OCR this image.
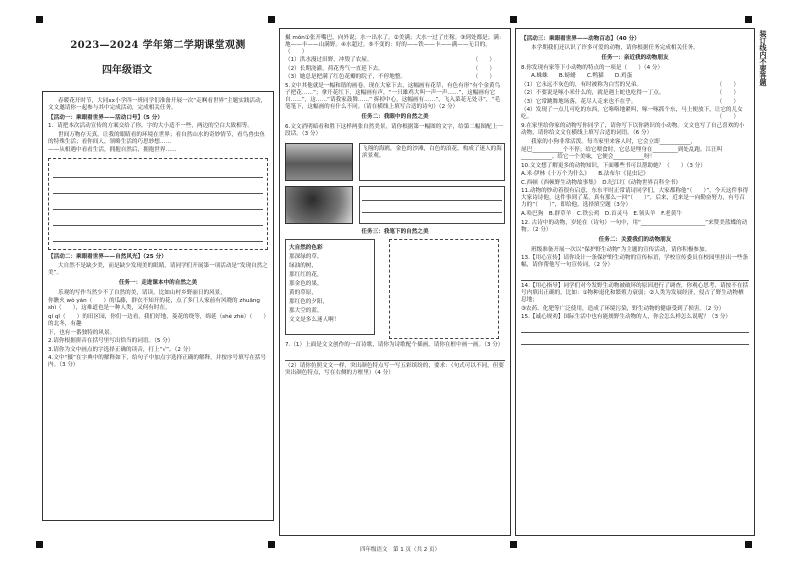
2023—2024 学年第二学期课堂观测
四年级语文

春暖花开时节，大同xx小学四一班同学们准备开展一次“走啊看世界”主题实践活动，文文邀请你一起参与其中完成活动，完成相关任务。

【活动一：乘眼看世界——活动口号】（5 分）

1．请把本次活动宣传的方案交给了你，字的大小适不一些，两边的空白大致相等。

世间万物存天真，让我的眼睛看的环境在世界；看自然山水的奇妙情节，看鸟兽虫鱼的特殊生活；看你间人，领略生活的巧思妙想……

——从相遇中看看生活，拥抱自然后，拥抱世界……

【活动二：乘眼看世界——自然风光】（25 分）

大自然不是缺少美，而是缺少发现美的眼睛，请同学们开展第一项活动是“发现自然之美”。

任务一：走进课本中的自然之美

乐观的写作当然少不了自然的美，请读，比如山村乡野丽日的风景，

你瞧火 wò yán（　　）的瓜藤，群衣不知开的花，点了多门人家前有风晓的 zhuāng shì（　　），这难道也是一种人类，又何有时在。

qí qǐ（　　）的田区园，你们一边看，我们好地，菱花的绕等，绵延（shè zhè）（　　）的北冬，有趣

下，也有一番独特的风景。

2.请你根据拼音在括号里写出恰当的词语。（5 分）

3.请你为文中画点的字选择正确的读音，打上“√”。（2 分）

4.文中“摄”在字典中的解释如下，给句子中加点字选择正确的解释，并按序号填写在括号内。（3 分）

摄 mǒn①张开嘴巴，向外说；水一出水了。②美满；大水一过了庄稼。③到处都是；满：地——丰——山满野。④水超过。⑤不变的：好的——铁——卡——满——无目的。（　　）

（1）洪水漫过田野，冲毁了农屋。	（　　）

（2）长期浇灌，荷花秀气一直延下去。	（　　）

（3）她总是把满了红色花瓣的院子，不停地整。	（　　）

5.文中其他就是一幅和谐的画卷。现在大家下去，这幅画有花草，有色有形“有个金黄鸟子把花……”；拿开花红下，这幅画有声，“一只雄鸡大叫一声一声……”，这幅画有它自……”，这……“请我家鼓舞……” 拆掉中心，这幅画有……”，飞入菜花无处寻”，“毛笔笔下，这幅画的有什么不同。（请在横线上填写合适的诗句）（2 分）

任务二：我眼中的自然之美

6.文文消明暗看和胜下这样两张自然美景，请你根据第一幅图的文字，给第二幅图配上一段话。（3 分）

飞翔的海鸥，金色的沙滩，白色的浪花，构成了迷人的海滨景观。

任务三：我笔下的自然之美

大自然的色彩

那深绿的草，

绿油的树，

那红红的花，

那金色的果，

黄的草原，

那红色的夕阳，

那大空的蓝，

文文是多么迷人啊！

7.（1）上面是文文创作的一首诗歌，请你为诗歌配个插画，请你在框中画一画。（3 分）

（2）请你仿照文文一样，突出颜色特点写一写五彩缤纷的，要求：（句式可以不同，但要突出颜色特点，写在右侧的方框里）（4 分）

【活动三：乘眼看世界——动物百态】（40 分）

本学期我们还认识了许多可爱的动物，请你根据任务完成相关任务。

任务一：亲近我的动物朋友

8.你发现有家等下小动物的特点的一项是（　　）（4 分）

A.蛛蛛　　B.螃蜡　　C.鸭猫　　D.鸡蛋

（1）它永远不灰色的，有时被称为白雪的兄弟。	（　　）

（2）不要说是啄小米什么的，就是遇上蛇也吃得一丁点。	（　　）

（3）它常跳舞地场落，花尽人走来也不在乎。	（　　）

（4）发现了一点儿可吃的东西，它咯咯地紧叫，啄一啄抓个东，马上便放下，让它的儿女吃。	（　　）

9.在家里给你家的动物写你同学了，请你写下以你熟识的小动物。文文也写了自己喜欢的小动物，请你给文文在横线上填写合适的词语。（6 分）

我家的小狗非常活泼。每当家里来客人时，它会立即___________，

尾巴___________个不停；给它喂食时，它总是埋身在_________到处乱跑。江汪叫___________。给它一个美味，它便会___________呀！

10.文文想了解更多的动物知识，下面哪些书可以帮助她？（　　）（3 分）

A.米·伊林《十万个为什么》　　B.法布尔《昆虫记》

C.西顿《西顿野生动物故事集》　D.纪江红《动物世界百科全书》

11.动物的炒动着很有启意，东东平时正常请诗同学们，大家都称他“（　　）”，今天这件事得大家诗诗他，这件事到了某，真有那么一回“（　　）”，后来，近来是一向勤奋努力，有号召力的“（　　）”，即给他，选择填空题（3分）

A.哈巴狗　B.群草羊　C.铁公鸡　D.首灵马　E.领头羊　F.老黄牛

12. 古诗中的动物，岁轮在（诗句）一句中，用“_______________________”来赞美蓝蝶的动物。（2 分）

任务二：关爱我们的动物朋友

班级准备开展一次以“保护野生动物”为主题的宣传活动，请你积极参加。

13.【用心宣传】请你设计一条保护野生动物的宣传标语，学校宣传委员在校园里挂出一些条幅，请你帮他写一句宣传词。（2 分）

14.【用心指导】同学们对今发野生动物被破坏的原因进行了调查，你观心思考，请按不在括号内填出正确的，比如：①物种退化和繁殖力衰弱；②人类为发展经济，侵占了野生动物栖息地；

③农药、化肥等广泛使用，造成了环境污染，野生动物的健康受到了损害。（2 分）

15.【诚心规劝】国际生活中也有能规野生动物的人，你会怎么样怎么说呢？（3 分）

装订线内不要答题
四年级语文　第 1 页（共 2 页）
